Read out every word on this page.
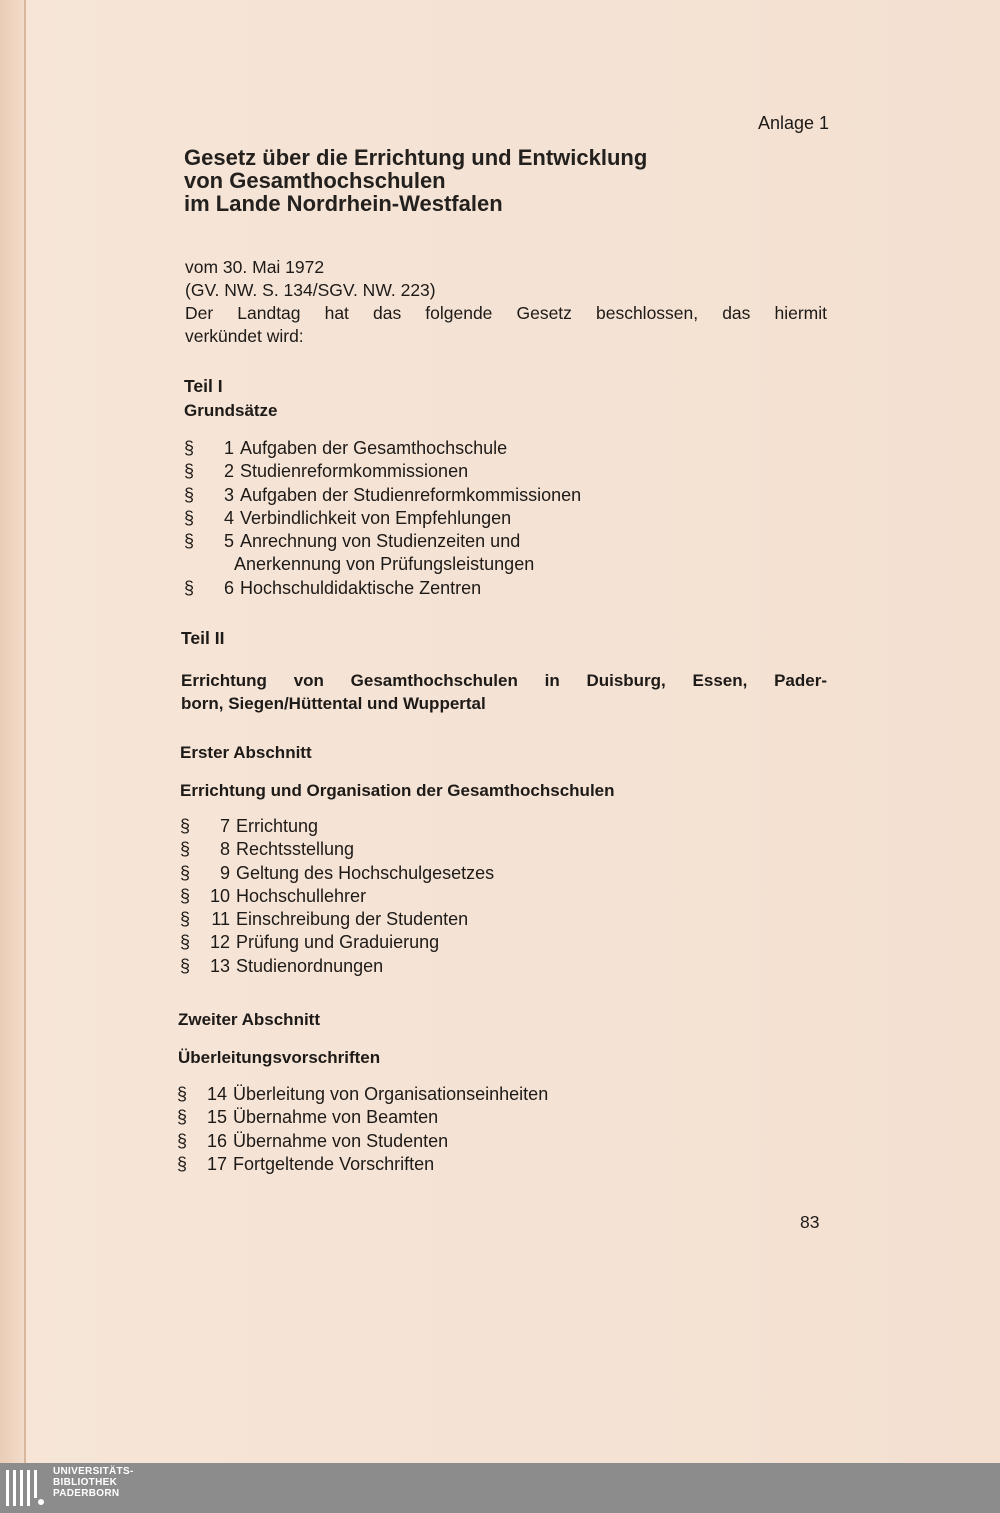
Anlage 1
Gesetz über die Errichtung und Entwicklung
von Gesamthochschulen
im Lande Nordrhein-Westfalen
vom 30. Mai 1972
(GV. NW. S. 134/SGV. NW. 223)
Der Landtag hat das folgende Gesetz beschlossen, das hiermit
verkündet wird:
Teil I
Grundsätze
§	1 Aufgaben der Gesamthochschule
§	2 Studienreformkommissionen
§	3 Aufgaben der Studienreformkommissionen
§	4 Verbindlichkeit von Empfehlungen
§	5 Anrechnung von Studienzeiten und
Anerkennung von Prüfungsleistungen
§	6 Hochschuldidaktische Zentren
Teil II
Errichtung von Gesamthochschulen in Duisburg, Essen, Pader-
born, Siegen/Hüttental und Wuppertal
Erster Abschnitt
Errichtung und Organisation der Gesamthochschulen
§	7 Errichtung
§	8 Rechtsstellung
§	9 Geltung des Hochschulgesetzes
§	10 Hochschullehrer
§	11 Einschreibung der Studenten
§	12 Prüfung und Graduierung
§	13 Studienordnungen
Zweiter Abschnitt
Überleitungsvorschriften
§	14 Überleitung von Organisationseinheiten
§	15 Übernahme von Beamten
§	16 Übernahme von Studenten
§	17 Fortgeltende Vorschriften
83
UNIVERSITÄTS-
BIBLIOTHEK
PADERBORN
